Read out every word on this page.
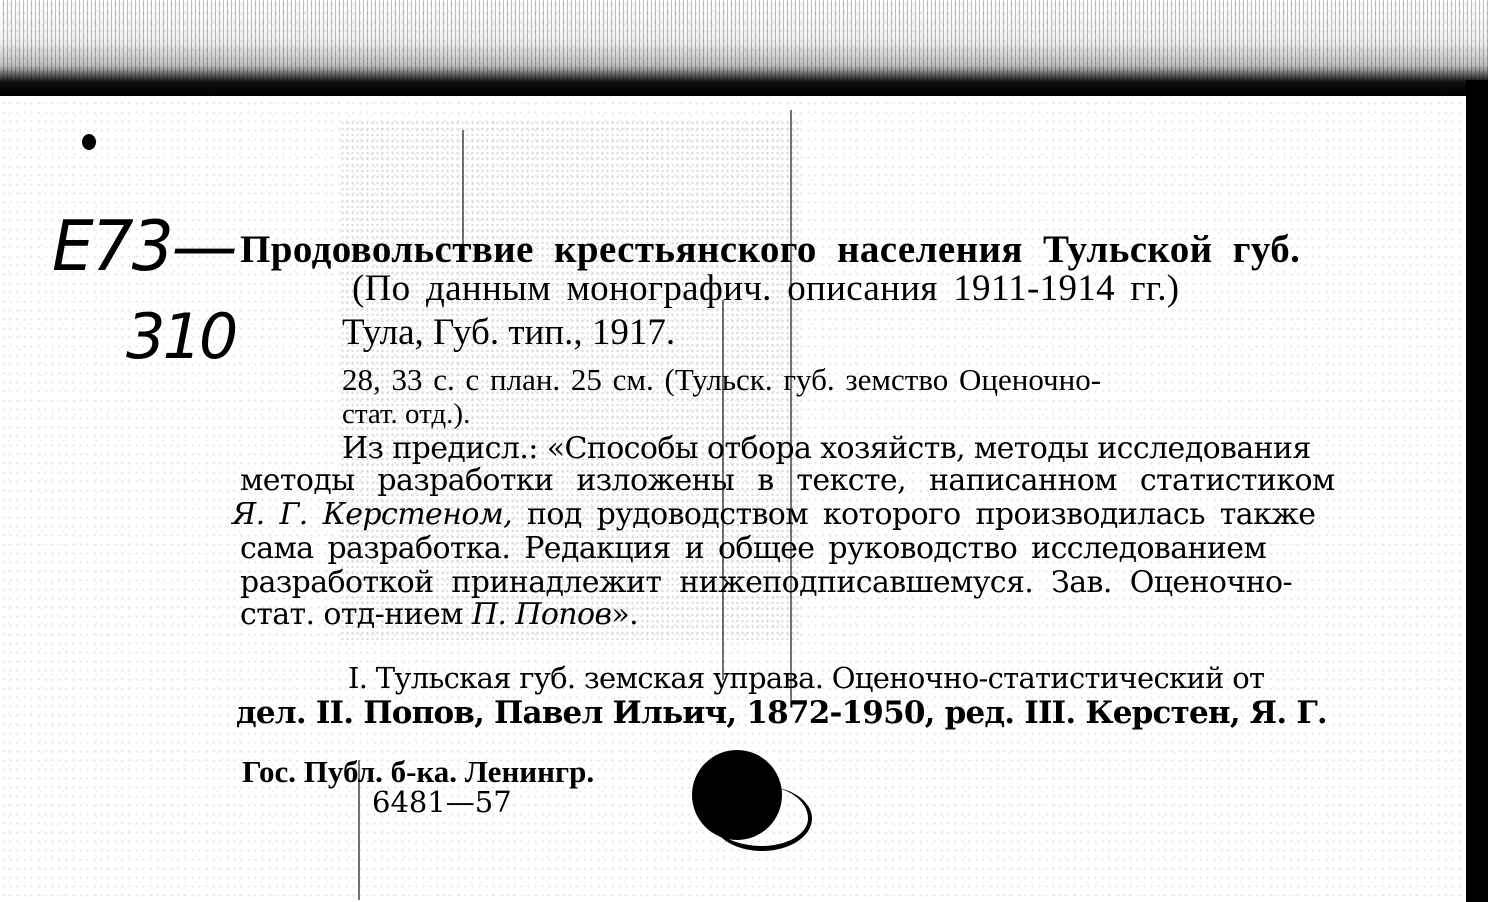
Е73—
310
Продовольствие крестьянского населения Тульской губ.
(По данным монографич. описания 1911-1914 гг.)
Тула, Губ. тип., 1917.
28, 33 с. с план. 25 см. (Тульск. губ. земство Оценочно-
стат. отд.).
Из предисл.: «Способы отбора хозяйств, методы исследования
методы разработки изложены в тексте, написанном статистиком
Я. Г. Керстеном, под рудоводством которого производилась также
сама разработка. Редакция и общее руководство исследованием
разработкой принадлежит нижеподписавшемуся. Зав. Оценочно-
стат. отд-нием П. Попов».
I. Тульская губ. земская управа. Оценочно-статистический от
дел. II. Попов, Павел Ильич, 1872-1950, ред. III. Керстен, Я. Г.
Гос. Публ. б-ка. Ленингр.
6481—57
